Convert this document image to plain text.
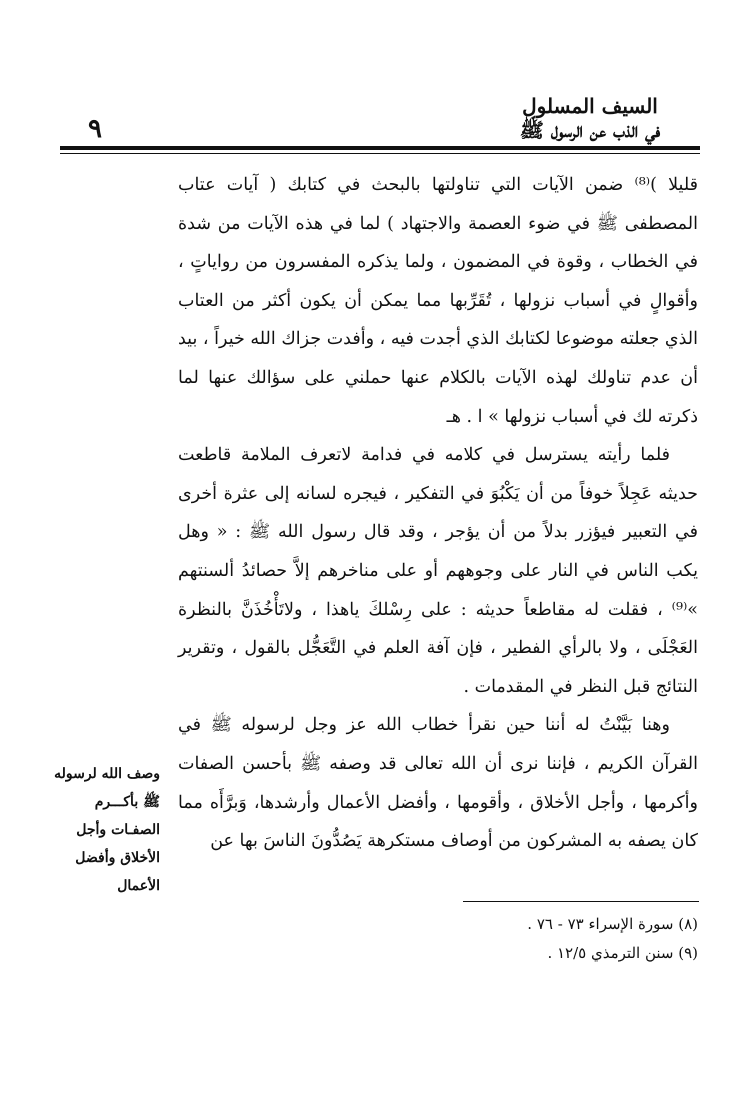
٩
السيف المسلول
في الذب عن الرسول ﷺ

قليلا )⁽⁸⁾ ضمن الآيات التي تناولتها بالبحث في كتابك ( آيات عتاب المصطفى ﷺ في ضوء العصمة والاجتهاد ) لما في هذه الآيات من شدة في الخطاب ، وقوة في المضمون ، ولما يذكره المفسرون من رواياتٍ ، وأقوالٍ في أسباب نزولها ، تُقَرِّبها مما يمكن أن يكون أكثر من العتاب الذي جعلته موضوعا لكتابك الذي أجدت فيه ، وأفدت جزاك الله خيراً ، بيد أن عدم تناولك لهذه الآيات بالكلام عنها حملني على سؤالك عنها لما ذكرته لك في أسباب نزولها » ا . هـ

فلما رأيته يسترسل في كلامه في فدامة لاتعرف الملامة قاطعت حديثه عَجِلاً خوفاً من أن يَكْبُوَ في التفكير ، فيجره لسانه إلى عثرة أخرى في التعبير فيؤزر بدلاً من أن يؤجر ، وقد قال رسول الله ﷺ : « وهل يكب الناس في النار على وجوههم أو على مناخرهم إلاَّ حصائدُ ألسنتهم »⁽⁹⁾ ، فقلت له مقاطعاً حديثه : على رِسْلكَ ياهذا ، ولاتَأْخُذَنَّ بالنظرة العَجْلَى ، ولا بالرأي الفطير ، فإن آفة العلم في التَّعَجُّل بالقول ، وتقرير النتائج قبل النظر في المقدمات .

وهنا بَيَّنْتُ له أننا حين نقرأ خطاب الله عز وجل لرسوله ﷺ في القرآن الكريم ، فإننا نرى أن الله تعالى قد وصفه ﷺ بأحسن الصفات وأكرمها ، وأجل الأخلاق ، وأقومها ، وأفضل الأعمال وأرشدها، وَبرَّأَه مما كان يصفه به المشركون من أوصاف مستكرهة يَصُدُّونَ الناسَ بها عن

وصف الله لرسوله
ﷺ بأكـــرم
الصفـات وأجل
الأخلاق وأفضل
الأعمال

(٨) سورة الإسراء ٧٣ - ٧٦ .

(٩) سنن الترمذي ١٢/٥ .
